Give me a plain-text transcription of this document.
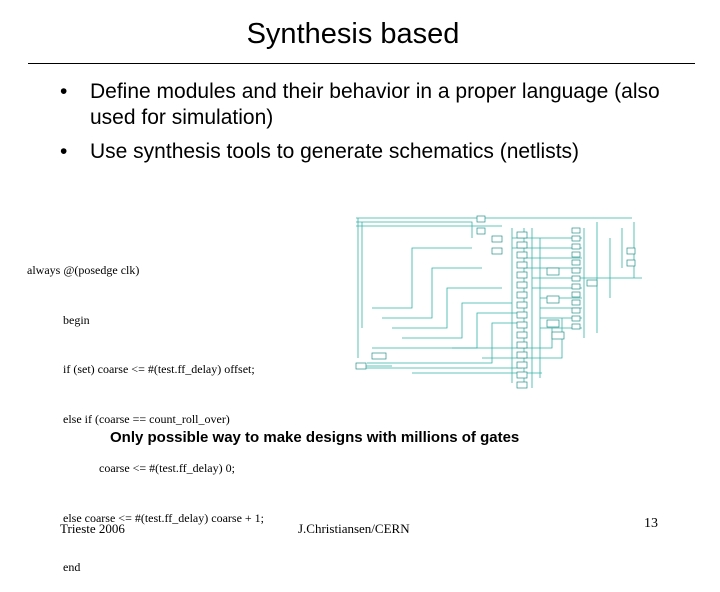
Synthesis based
• Define modules and their behavior in a proper language (also used for simulation)
• Use synthesis tools to generate schematics (netlists)

always @(posedge clk)

begin

if (set) coarse <= #(test.ff_delay) offset;

else if (coarse == count_roll_over)

coarse <= #(test.ff_delay) 0;

else coarse <= #(test.ff_delay) coarse + 1;

end

Only possible way to make designs with millions of gates
Trieste 2006	J.Christiansen/CERN	13
